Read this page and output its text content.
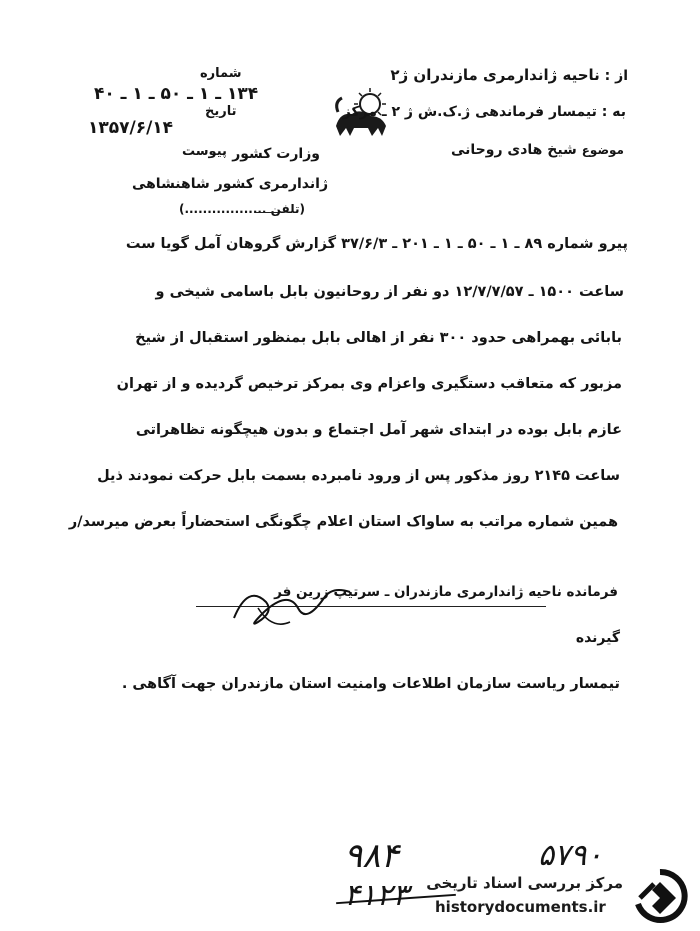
شماره
۱۳۴ ـ ۱ ـ ۵۰ ـ ۱ ـ ۴۰
تاریخ
۱۳۵۷/۶/۱۴
پیوست
از : ناحیه ژاندارمری مازندران ژ۲
به : تیمسار فرماندهی ژ.ک.ش ژ ۲ ـ مرکز
موضوع شیخ هادی روحانی
وزارت کشور
ژاندارمری کشور شاهنشاهی
(تلفن ..................)
پیرو شماره ۸۹ ـ ۱ ـ ۵۰ ـ ۱ ـ ۲۰۱ ـ ۳۷/۶/۳ گزارش گروهان آمل گویا ست
ساعت ۱۵۰۰ ـ ۱۲/۷/۷/۵۷ دو نفر از روحانیون بابل باسامی شیخی و
بابائی بهمراهی حدود ۳۰۰ نفر از اهالی بابل بمنظور استقبال از شیخ
مزبور که متعاقب دستگیری واعزام وی بمرکز ترخیص گردیده و از تهران
عازم بابل بوده در ابتدای شهر آمل اجتماع و بدون هیچگونه تظاهراتی
ساعت ۲۱۴۵ روز مذکور پس از ورود نامبرده بسمت بابل حرکت نمودند ذیل
همین شماره مراتب به ساواک استان اعلام چگونگی استحضاراً بعرض میرسد/ر
فرمانده ناحیه ژاندارمری مازندران ـ سرتیپ زرین فر
گیرنده
تیمسار ریاست سازمان اطلاعات وامنیت استان مازندران جهت آگاهی .
۹۸۴	۵۷۹۰
۴۱۲۳ مرکز بررسی اسناد تاریخی
historydocuments.ir
